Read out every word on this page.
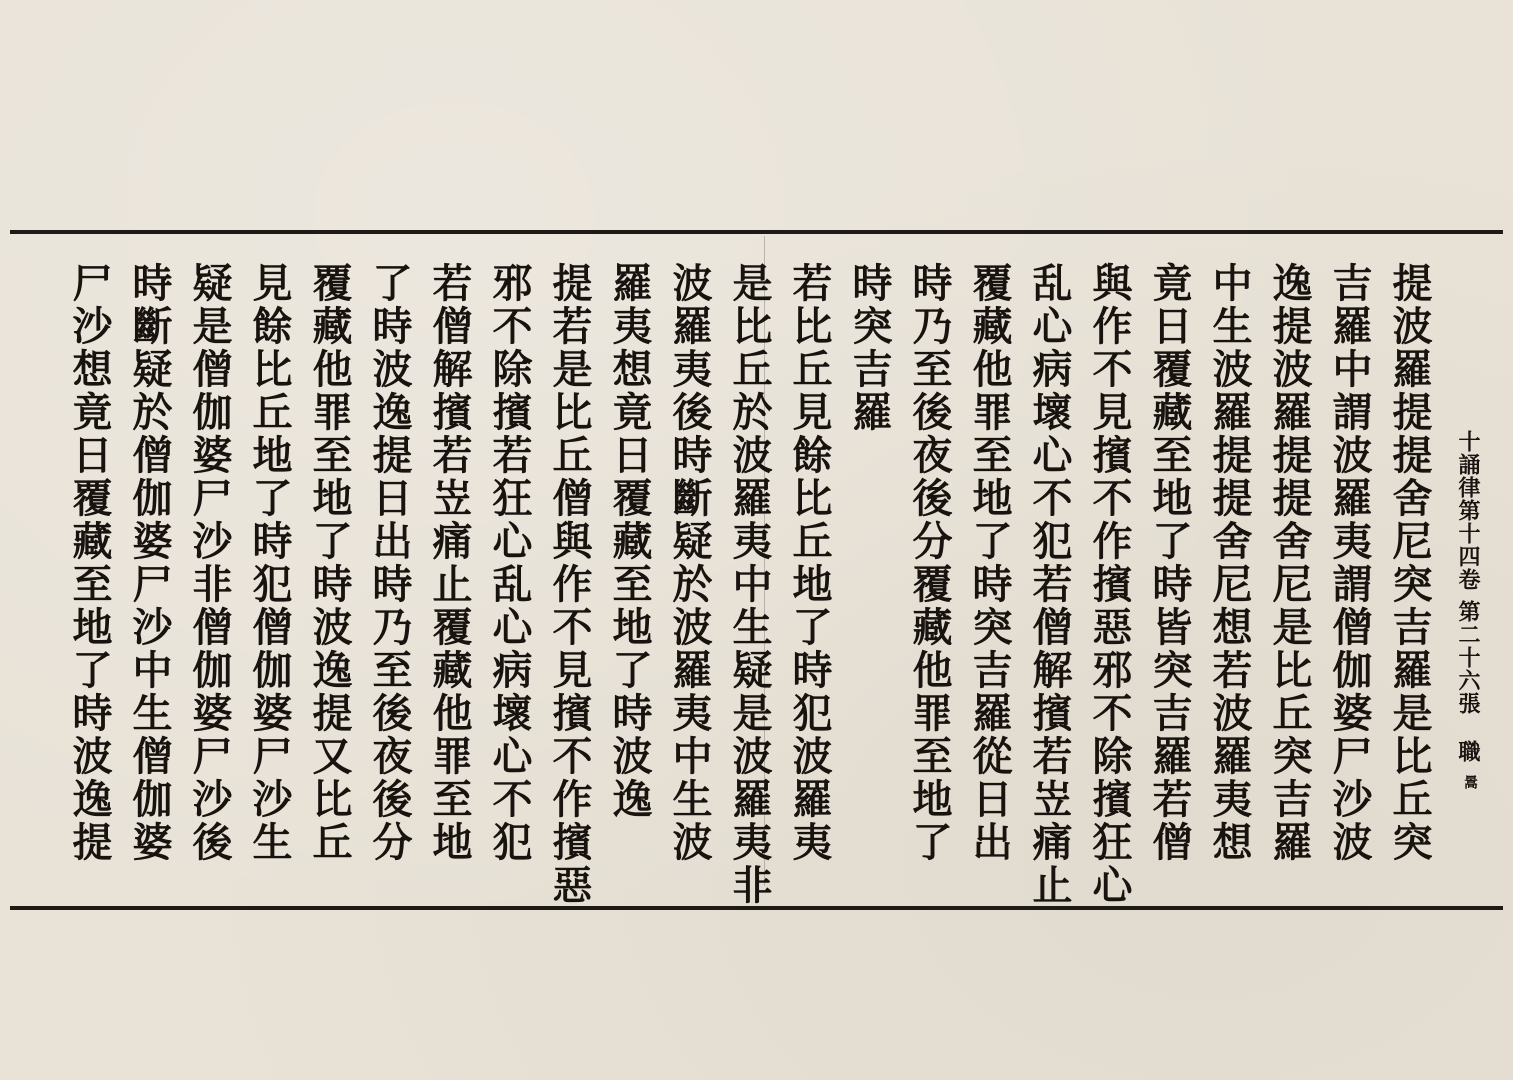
十誦律第十四卷
第二十六張
職
暠
提波羅提提舍尼突吉羅是比丘突
吉羅中謂波羅夷謂僧伽婆尸沙波
逸提波羅提提舍尼是比丘突吉羅
中生波羅提提舍尼想若波羅夷想
竟日覆藏至地了時皆突吉羅若僧
與作不見擯不作擯惡邪不除擯狂心
乱心病壞心不犯若僧解擯若岦痛止
覆藏他罪至地了時突吉羅從日出
時乃至後夜後分覆藏他罪至地了
時突吉羅
若比丘見餘比丘地了時犯波羅夷
是比丘於波羅夷中生疑是波羅夷非
波羅夷後時斷疑於波羅夷中生波
羅夷想竟日覆藏至地了時波逸
提若是比丘僧與作不見擯不作擯惡
邪不除擯若狂心乱心病壞心不犯
若僧解擯若岦痛止覆藏他罪至地
了時波逸提日出時乃至後夜後分
覆藏他罪至地了時波逸提又比丘
見餘比丘地了時犯僧伽婆尸沙生
疑是僧伽婆尸沙非僧伽婆尸沙後
時斷疑於僧伽婆尸沙中生僧伽婆
尸沙想竟日覆藏至地了時波逸提
